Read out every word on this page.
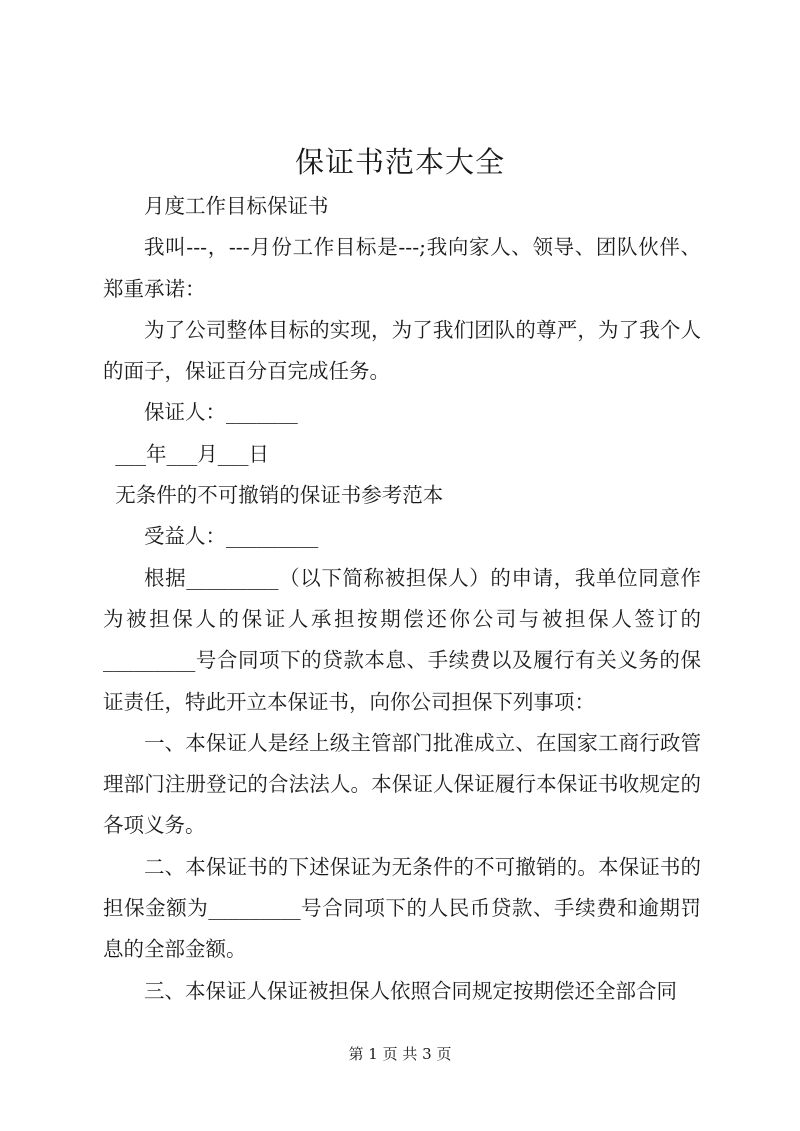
保证书范本大全

月度工作目标保证书

我叫---，---月份工作目标是---;我向家人、领导、团队伙伴、郑重承诺：

为了公司整体目标的实现，为了我们团队的尊严，为了我个人的面子，保证百分百完成任务。

保证人：_______

___年___月___日

无条件的不可撤销的保证书参考范本

受益人：_________

根据_________（以下简称被担保人）的申请，我单位同意作为被担保人的保证人承担按期偿还你公司与被担保人签订的_________号合同项下的贷款本息、手续费以及履行有关义务的保证责任，特此开立本保证书，向你公司担保下列事项：

一、本保证人是经上级主管部门批准成立、在国家工商行政管理部门注册登记的合法法人。本保证人保证履行本保证书收规定的各项义务。

二、本保证书的下述保证为无条件的不可撤销的。本保证书的担保金额为_________号合同项下的人民币贷款、手续费和逾期罚息的全部金额。

三、本保证人保证被担保人依照合同规定按期偿还全部合同

第 1 页 共 3 页
